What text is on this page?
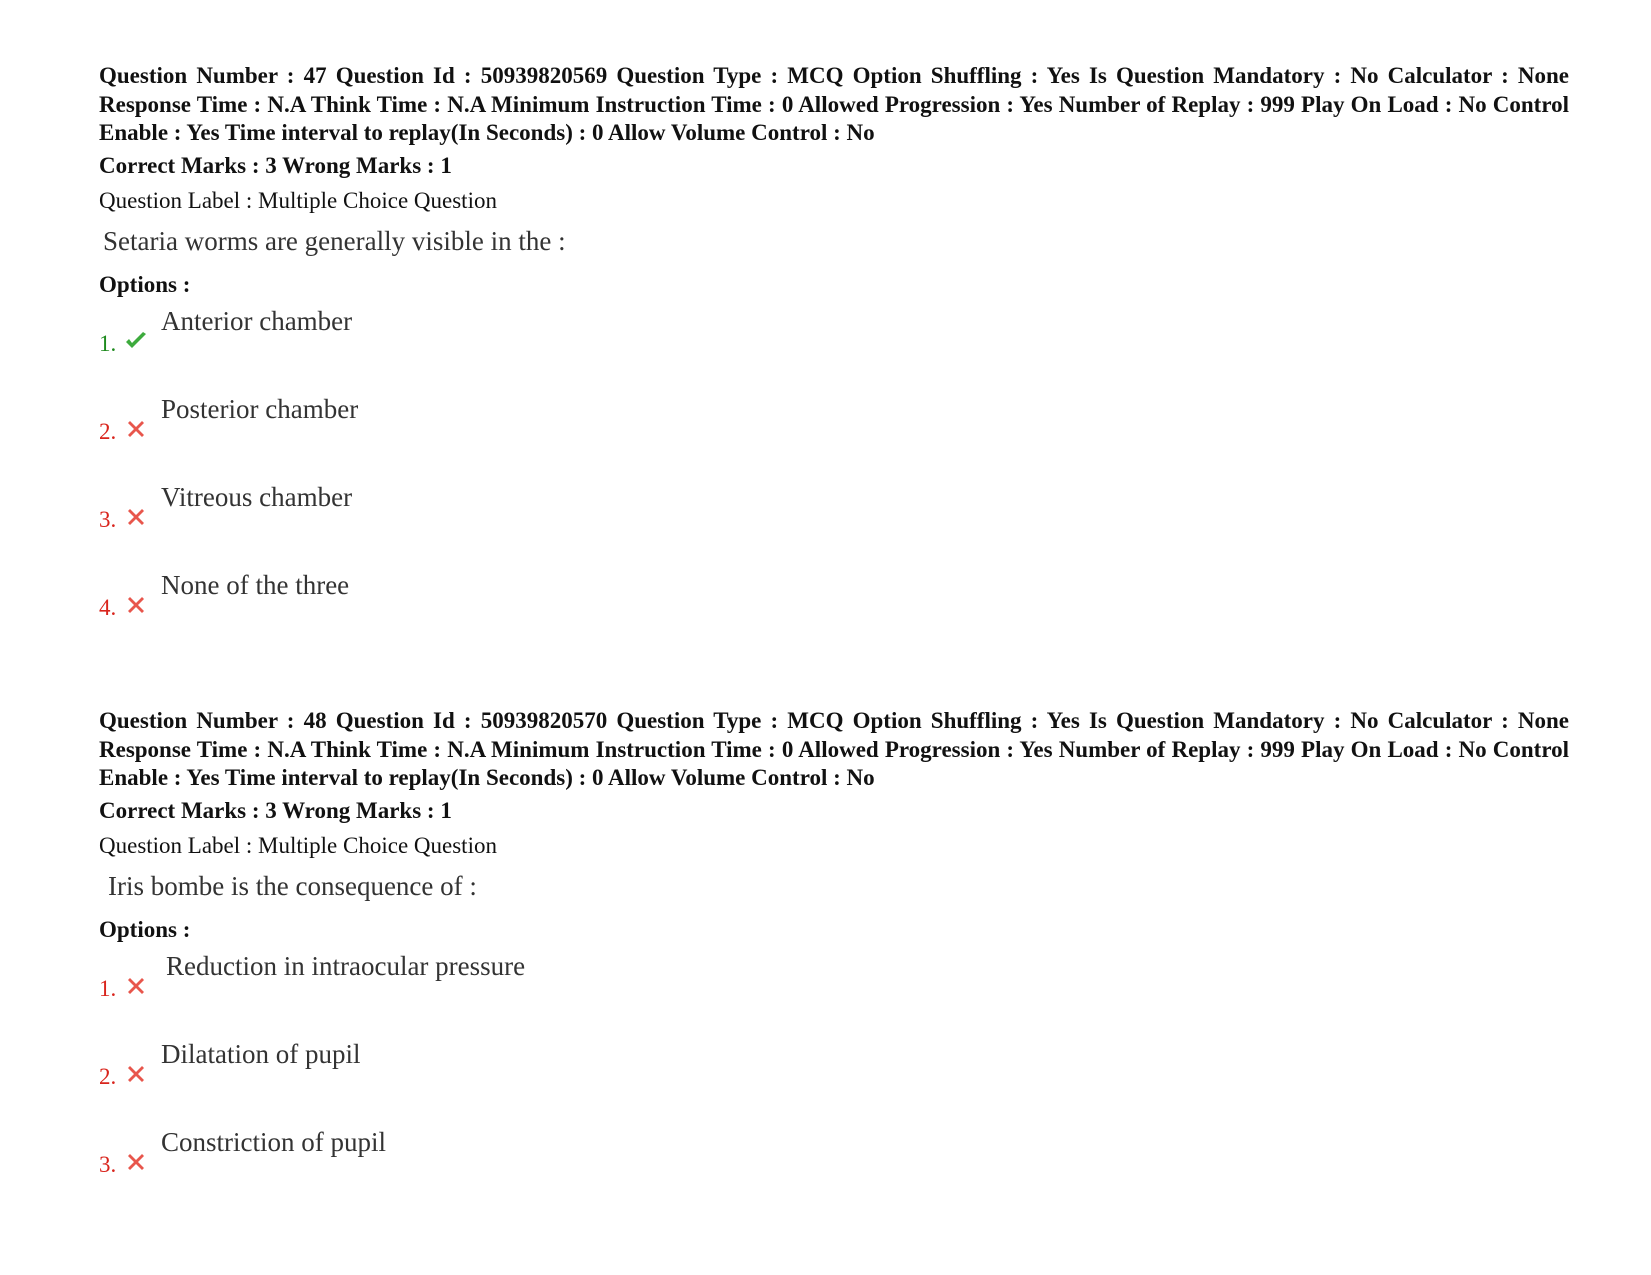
Question Number : 47 Question Id : 50939820569 Question Type : MCQ Option Shuffling : Yes Is Question Mandatory : No Calculator : None Response Time : N.A Think Time : N.A Minimum Instruction Time : 0 Allowed Progression : Yes Number of Replay : 999 Play On Load : No Control Enable : Yes Time interval to replay(In Seconds) : 0 Allow Volume Control : No

Correct Marks : 3 Wrong Marks : 1

Question Label : Multiple Choice Question

Setaria worms are generally visible in the :

Options :

1.
Anterior chamber
2.
Posterior chamber
3.
Vitreous chamber
4.
None of the three

Question Number : 48 Question Id : 50939820570 Question Type : MCQ Option Shuffling : Yes Is Question Mandatory : No Calculator : None Response Time : N.A Think Time : N.A Minimum Instruction Time : 0 Allowed Progression : Yes Number of Replay : 999 Play On Load : No Control Enable : Yes Time interval to replay(In Seconds) : 0 Allow Volume Control : No

Correct Marks : 3 Wrong Marks : 1

Question Label : Multiple Choice Question

Iris bombe is the consequence of :

Options :

1.
Reduction in intraocular pressure
2.
Dilatation of pupil
3.
Constriction of pupil
